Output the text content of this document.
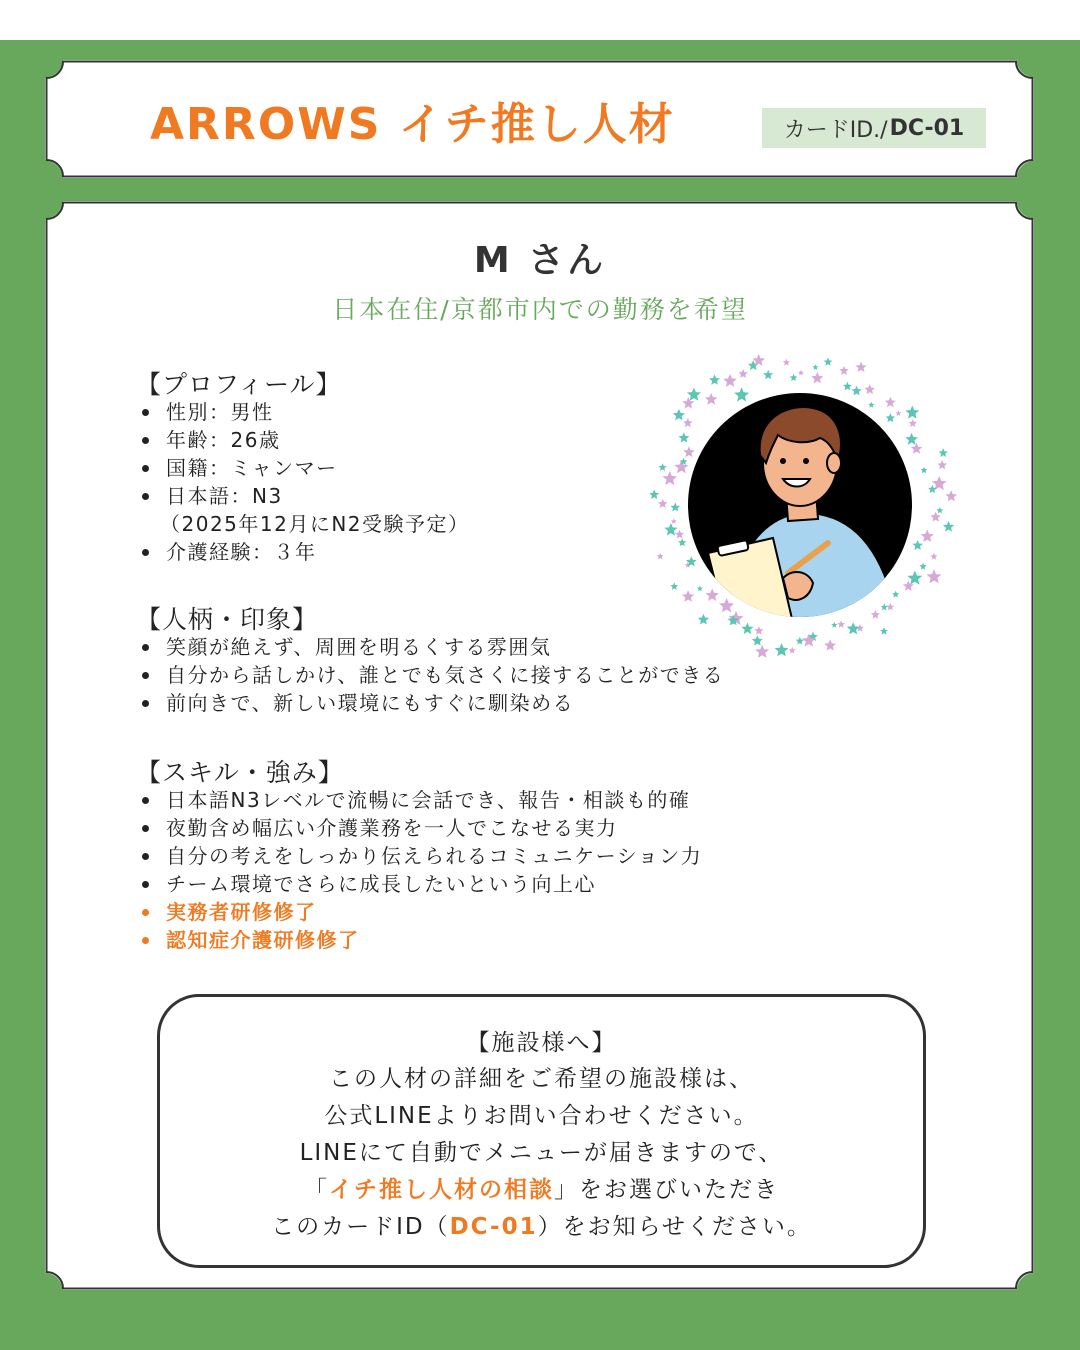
ARROWS イチ推し人材	カードID./ DC-01
M さん
日本在住/京都市内での勤務を希望
【プロフィール】
性別：男性
年齢：26歳
国籍：ミャンマー
日本語：N3
（2025年12月にN2受験予定）
介護経験：３年
【人柄・印象】
笑顔が絶えず、周囲を明るくする雰囲気
自分から話しかけ、誰とでも気さくに接することができる
前向きで、新しい環境にもすぐに馴染める
【スキル・強み】
日本語N3レベルで流暢に会話でき、報告・相談も的確
夜勤含め幅広い介護業務を一人でこなせる実力
自分の考えをしっかり伝えられるコミュニケーション力
チーム環境でさらに成長したいという向上心
実務者研修修了
認知症介護研修修了
【施設様へ】
この人材の詳細をご希望の施設様は、
公式LINEよりお問い合わせください。
LINEにて自動でメニューが届きますので、
「イチ推し人材の相談」をお選びいただき
このカードID（DC-01）をお知らせください。
